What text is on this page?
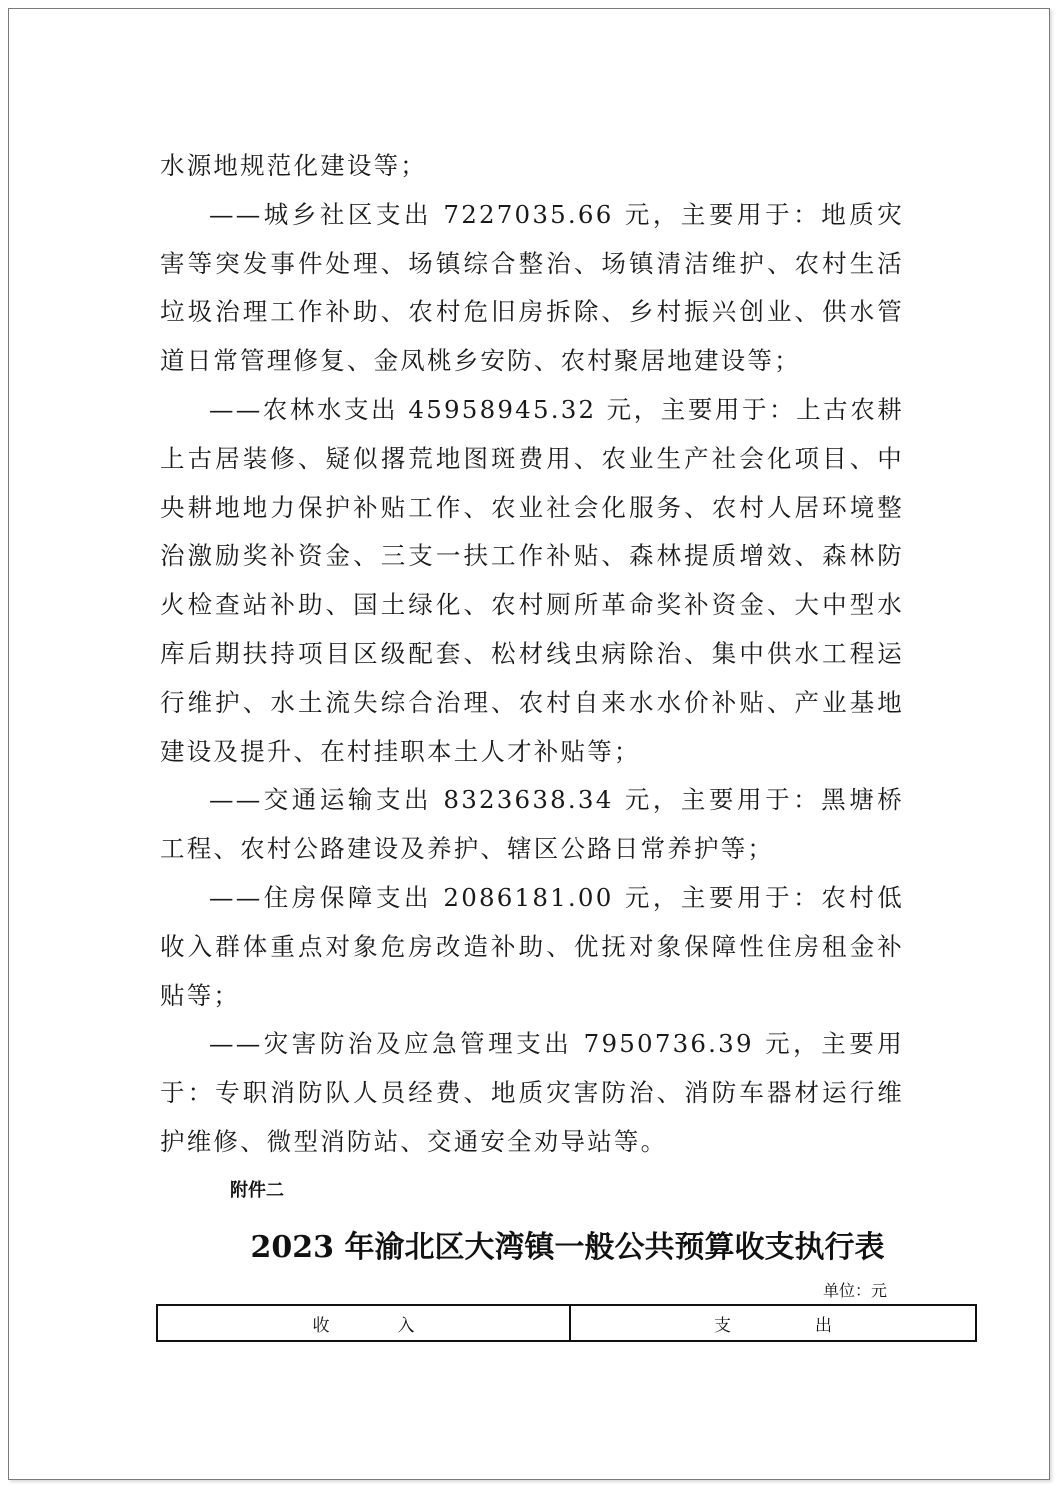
水源地规范化建设等；

——城乡社区支出 7227035.66 元，主要用于：地质灾害等突发事件处理、场镇综合整治、场镇清洁维护、农村生活垃圾治理工作补助、农村危旧房拆除、乡村振兴创业、供水管道日常管理修复、金凤桃乡安防、农村聚居地建设等；

——农林水支出 45958945.32 元，主要用于：上古农耕上古居装修、疑似撂荒地图斑费用、农业生产社会化项目、中央耕地地力保护补贴工作、农业社会化服务、农村人居环境整治激励奖补资金、三支一扶工作补贴、森林提质增效、森林防火检查站补助、国土绿化、农村厕所革命奖补资金、大中型水库后期扶持项目区级配套、松材线虫病除治、集中供水工程运行维护、水土流失综合治理、农村自来水水价补贴、产业基地建设及提升、在村挂职本土人才补贴等；

——交通运输支出 8323638.34 元，主要用于：黑塘桥工程、农村公路建设及养护、辖区公路日常养护等；

——住房保障支出 2086181.00 元，主要用于：农村低收入群体重点对象危房改造补助、优抚对象保障性住房租金补贴等；

——灾害防治及应急管理支出 7950736.39 元，主要用于：专职消防队人员经费、地质灾害防治、消防车器材运行维护维修、微型消防站、交通安全劝导站等。

附件二
2023 年渝北区大湾镇一般公共预算收支执行表
单位：元
收入	支出
